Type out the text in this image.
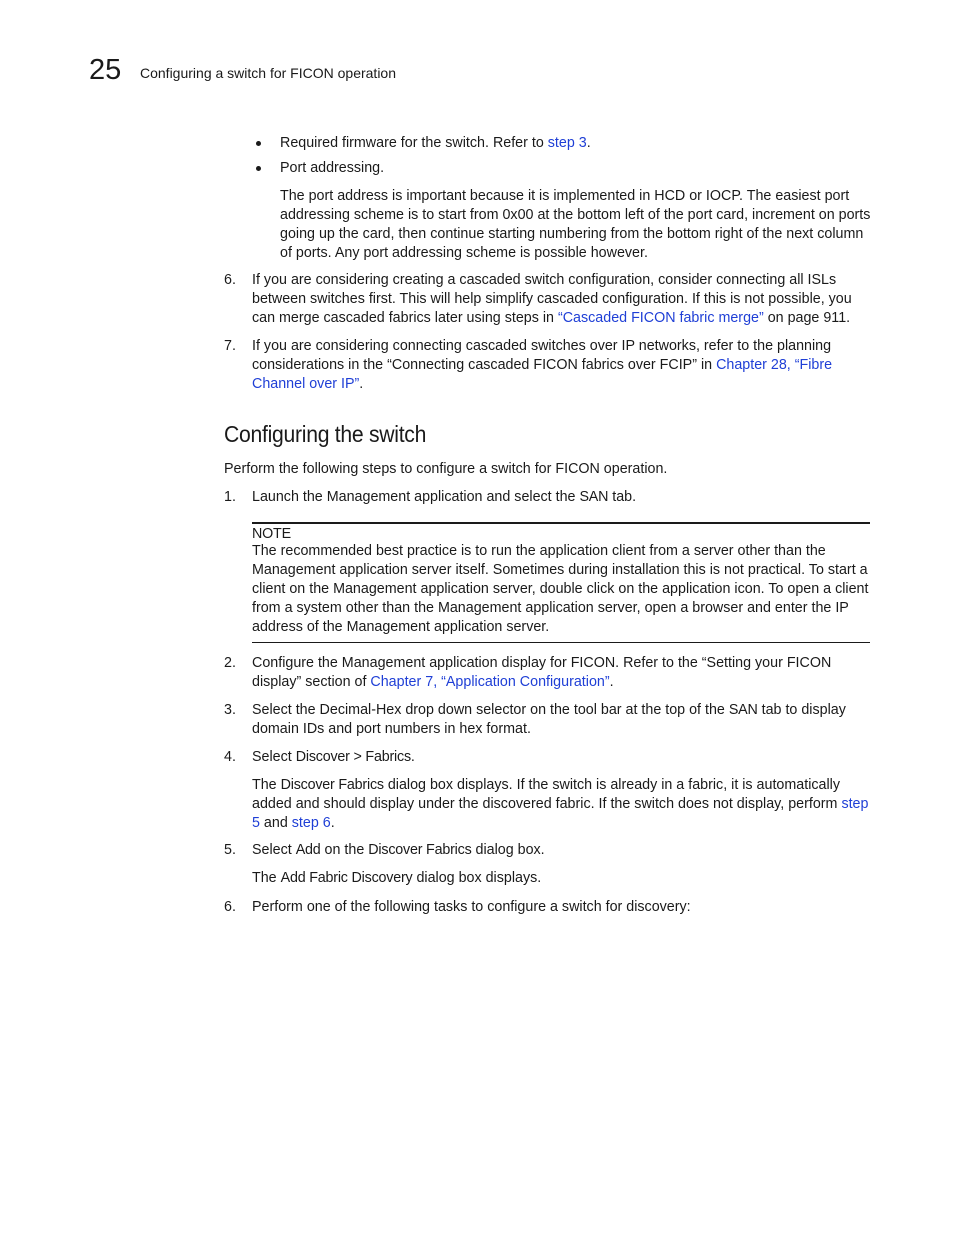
25 Configuring a switch for FICON operation
Required firmware for the switch. Refer to step 3.
Port addressing.
The port address is important because it is implemented in HCD or IOCP. The easiest port addressing scheme is to start from 0x00 at the bottom left of the port card, increment on ports going up the card, then continue starting numbering from the bottom right of the next column of ports. Any port addressing scheme is possible however.
6. If you are considering creating a cascaded switch configuration, consider connecting all ISLs between switches first. This will help simplify cascaded configuration. If this is not possible, you can merge cascaded fabrics later using steps in “Cascaded FICON fabric merge” on page 911.
7. If you are considering connecting cascaded switches over IP networks, refer to the planning considerations in the “Connecting cascaded FICON fabrics over FCIP” in Chapter 28, “Fibre Channel over IP”.
Configuring the switch
Perform the following steps to configure a switch for FICON operation.
1. Launch the Management application and select the SAN tab.
NOTE
The recommended best practice is to run the application client from a server other than the Management application server itself. Sometimes during installation this is not practical. To start a client on the Management application server, double click on the application icon. To open a client from a system other than the Management application server, open a browser and enter the IP address of the Management application server.
2. Configure the Management application display for FICON. Refer to the “Setting your FICON display” section of Chapter 7, “Application Configuration”.
3. Select the Decimal-Hex drop down selector on the tool bar at the top of the SAN tab to display domain IDs and port numbers in hex format.
4. Select Discover > Fabrics.
The Discover Fabrics dialog box displays. If the switch is already in a fabric, it is automatically added and should display under the discovered fabric. If the switch does not display, perform step 5 and step 6.
5. Select Add on the Discover Fabrics dialog box.
The Add Fabric Discovery dialog box displays.
6. Perform one of the following tasks to configure a switch for discovery:
